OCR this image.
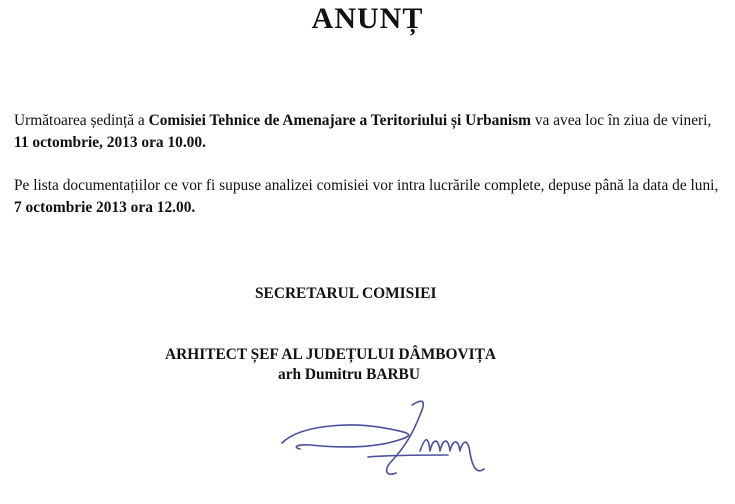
ANUNȚ
Următoarea ședință a Comisiei Tehnice de Amenajare a Teritoriului și Urbanism va avea loc în ziua de vineri, 11 octombrie, 2013 ora 10.00.
Pe lista documentațiilor ce vor fi supuse analizei comisiei vor intra lucrările complete, depuse până la data de luni, 7 octombrie 2013 ora 12.00.
SECRETARUL COMISIEI
ARHITECT ȘEF AL JUDEȚULUI DÂMBOVIȚA
arh Dumitru BARBU
